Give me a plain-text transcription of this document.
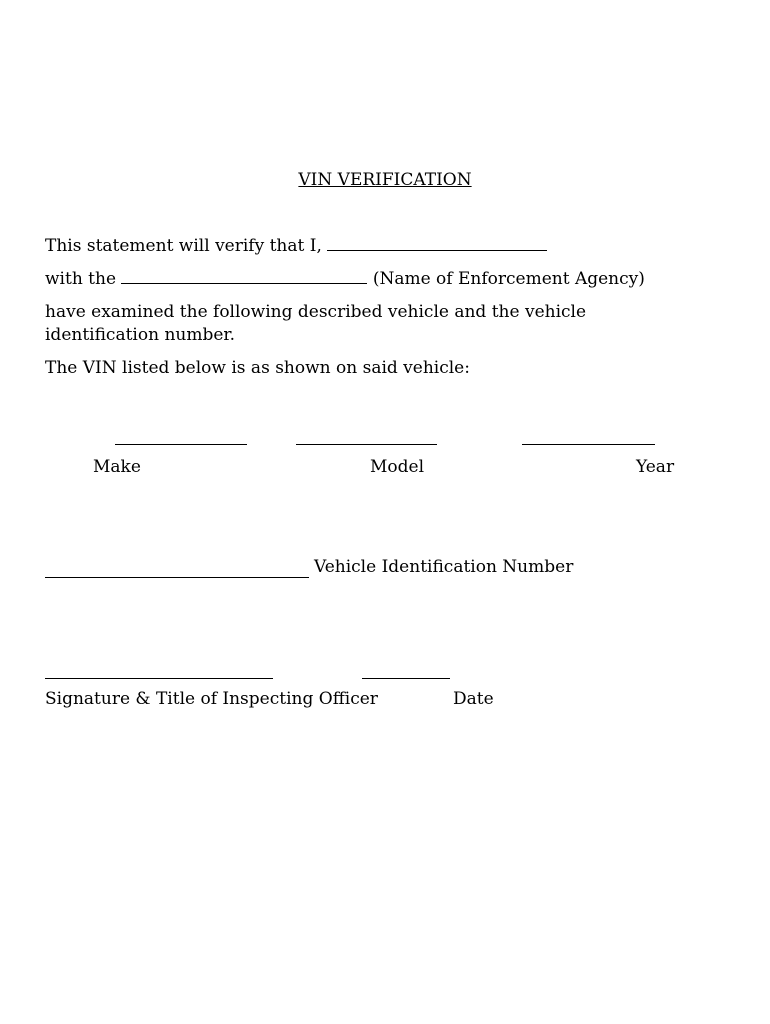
VIN VERIFICATION
This statement will verify that I,
with the	(Name of Enforcement Agency)
have examined the following described vehicle and the vehicle
identification number.
The VIN listed below is as shown on said vehicle:
Make	Model	Year
Vehicle Identification Number
Signature & Title of Inspecting Officer	Date
